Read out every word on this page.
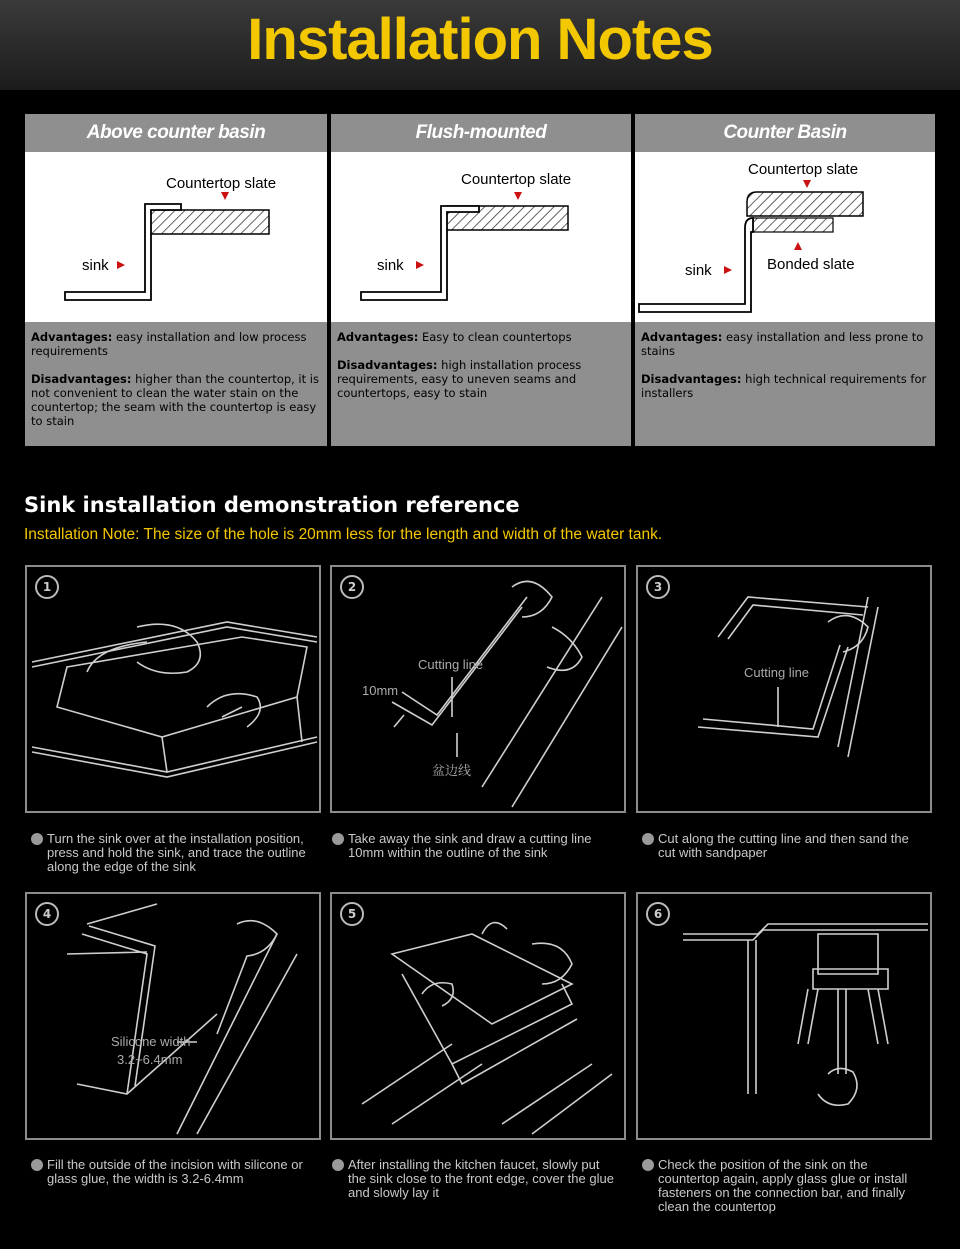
Installation Notes
Above counter basin
Countertop slate
sink

Advantages: easy installation and low process requirements

Disadvantages: higher than the countertop, it is not convenient to clean the water stain on the countertop; the seam with the countertop is easy to stain

Flush-mounted
Countertop slate
sink

Advantages: Easy to clean countertops

Disadvantages: high installation process requirements, easy to uneven seams and countertops, easy to stain

Counter Basin
Countertop slate
Bonded slate
sink

Advantages: easy installation and less prone to stains

Disadvantages: high technical requirements for installers

Sink installation demonstration reference
Installation Note: The size of the hole is 20mm less for the length and width of the water tank.
1
Turn the sink over at the installation position, press and hold the sink, and trace the outline along the edge of the sink
Cutting line
10mm
盆边线
2
Take away the sink and draw a cutting line 10mm within the outline of the sink
Cutting line
3
Cut along the cutting line and then sand the cut with sandpaper
Silicone width
3.2~6.4mm
4
Fill the outside of the incision with silicone or glass glue, the width is 3.2-6.4mm
5
After installing the kitchen faucet, slowly put the sink close to the front edge, cover the glue and slowly lay it
6
Check the position of the sink on the countertop again, apply glass glue or install fasteners on the connection bar, and finally clean the countertop
